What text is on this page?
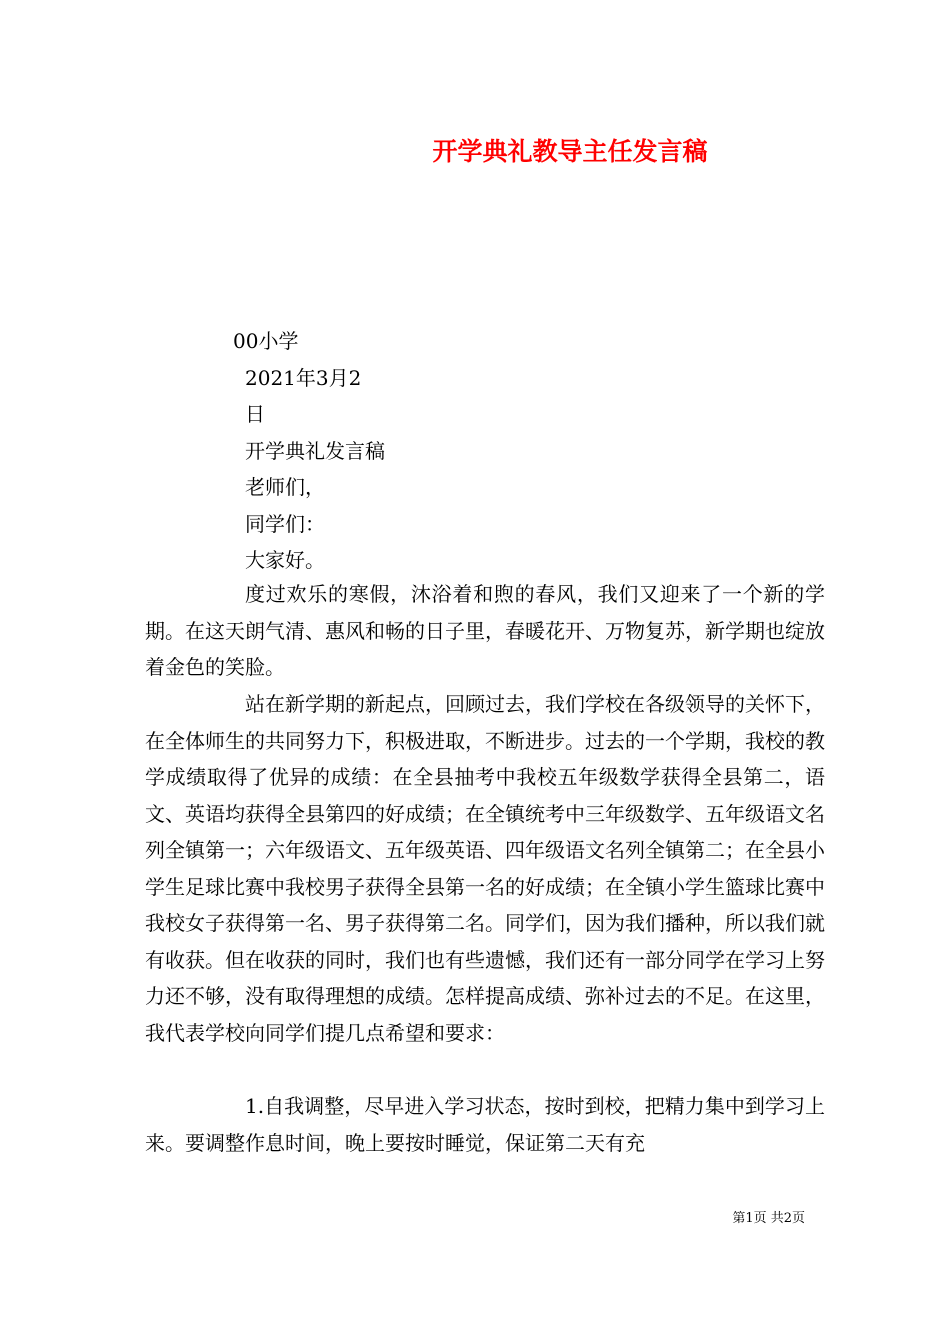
开学典礼教导主任发言稿
00小学
2021年3月2
日
开学典礼发言稿
老师们，
同学们：
大家好。

度过欢乐的寒假，沐浴着和煦的春风，我们又迎来了一个新的学期。在这天朗气清、惠风和畅的日子里，春暖花开、万物复苏，新学期也绽放着金色的笑脸。

站在新学期的新起点，回顾过去，我们学校在各级领导的关怀下，在全体师生的共同努力下，积极进取，不断进步。过去的一个学期，我校的教学成绩取得了优异的成绩：在全县抽考中我校五年级数学获得全县第二，语文、英语均获得全县第四的好成绩；在全镇统考中三年级数学、五年级语文名列全镇第一；六年级语文、五年级英语、四年级语文名列全镇第二；在全县小学生足球比赛中我校男子获得全县第一名的好成绩；在全镇小学生篮球比赛中我校女子获得第一名、男子获得第二名。同学们，因为我们播种，所以我们就有收获。但在收获的同时，我们也有些遗憾，我们还有一部分同学在学习上努力还不够，没有取得理想的成绩。怎样提高成绩、弥补过去的不足。在这里，我代表学校向同学们提几点希望和要求：

1.自我调整，尽早进入学习状态，按时到校，把精力集中到学习上来。要调整作息时间，晚上要按时睡觉，保证第二天有充

第1页 共2页
